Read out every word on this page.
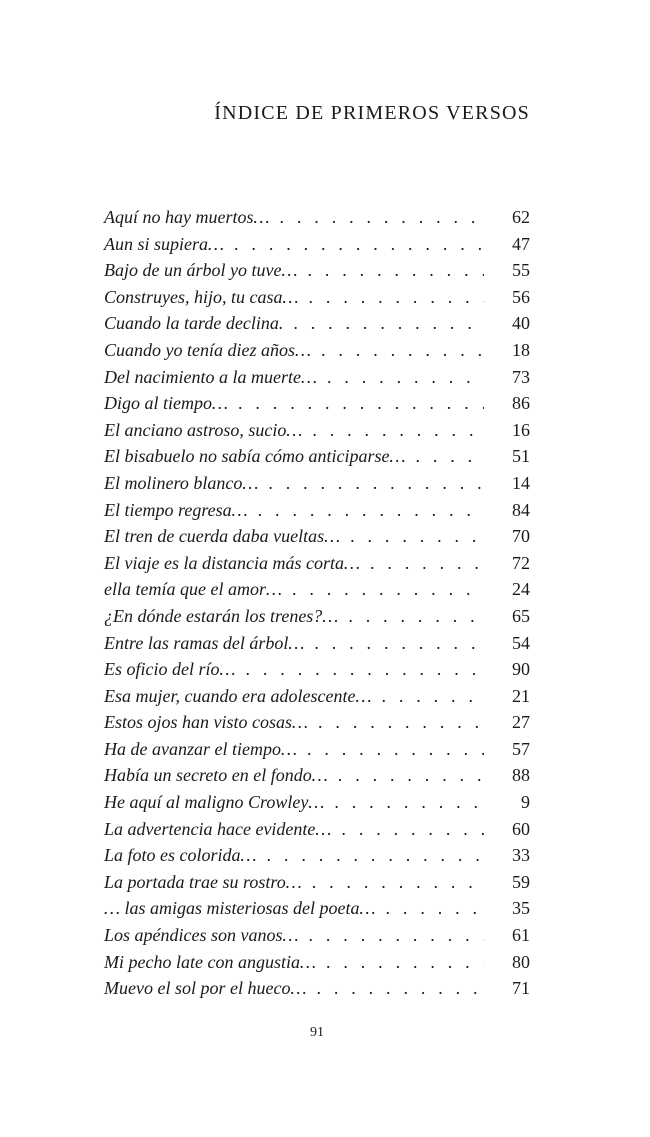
ÍNDICE DE PRIMEROS VERSOS
Aquí no hay muertos… . . .	62
Aun si supiera… . . .	47
Bajo de un árbol yo tuve… . . .	55
Construyes, hijo, tu casa… . . .	56
Cuando la tarde declina. . . .	40
Cuando yo tenía diez años… . . .	18
Del nacimiento a la muerte… . . .	73
Digo al tiempo… . . .	86
El anciano astroso, sucio… . . .	16
El bisabuelo no sabía cómo anticiparse… . . .	51
El molinero blanco… . . .	14
El tiempo regresa… . . .	84
El tren de cuerda daba vueltas… . . .	70
El viaje es la distancia más corta… . . .	72
ella temía que el amor… . . .	24
¿En dónde estarán los trenes?… . . .	65
Entre las ramas del árbol… . . .	54
Es oficio del río… . . .	90
Esa mujer, cuando era adolescente… . . .	21
Estos ojos han visto cosas… . . .	27
Ha de avanzar el tiempo… . . .	57
Había un secreto en el fondo… . . .	88
He aquí al maligno Crowley… . . .	9
La advertencia hace evidente… . . .	60
La foto es colorida… . . .	33
La portada trae su rostro… . . .	59
… las amigas misteriosas del poeta… . . .	35
Los apéndices son vanos… . . .	61
Mi pecho late con angustia… . . .	80
Muevo el sol por el hueco… . . .	71
91
